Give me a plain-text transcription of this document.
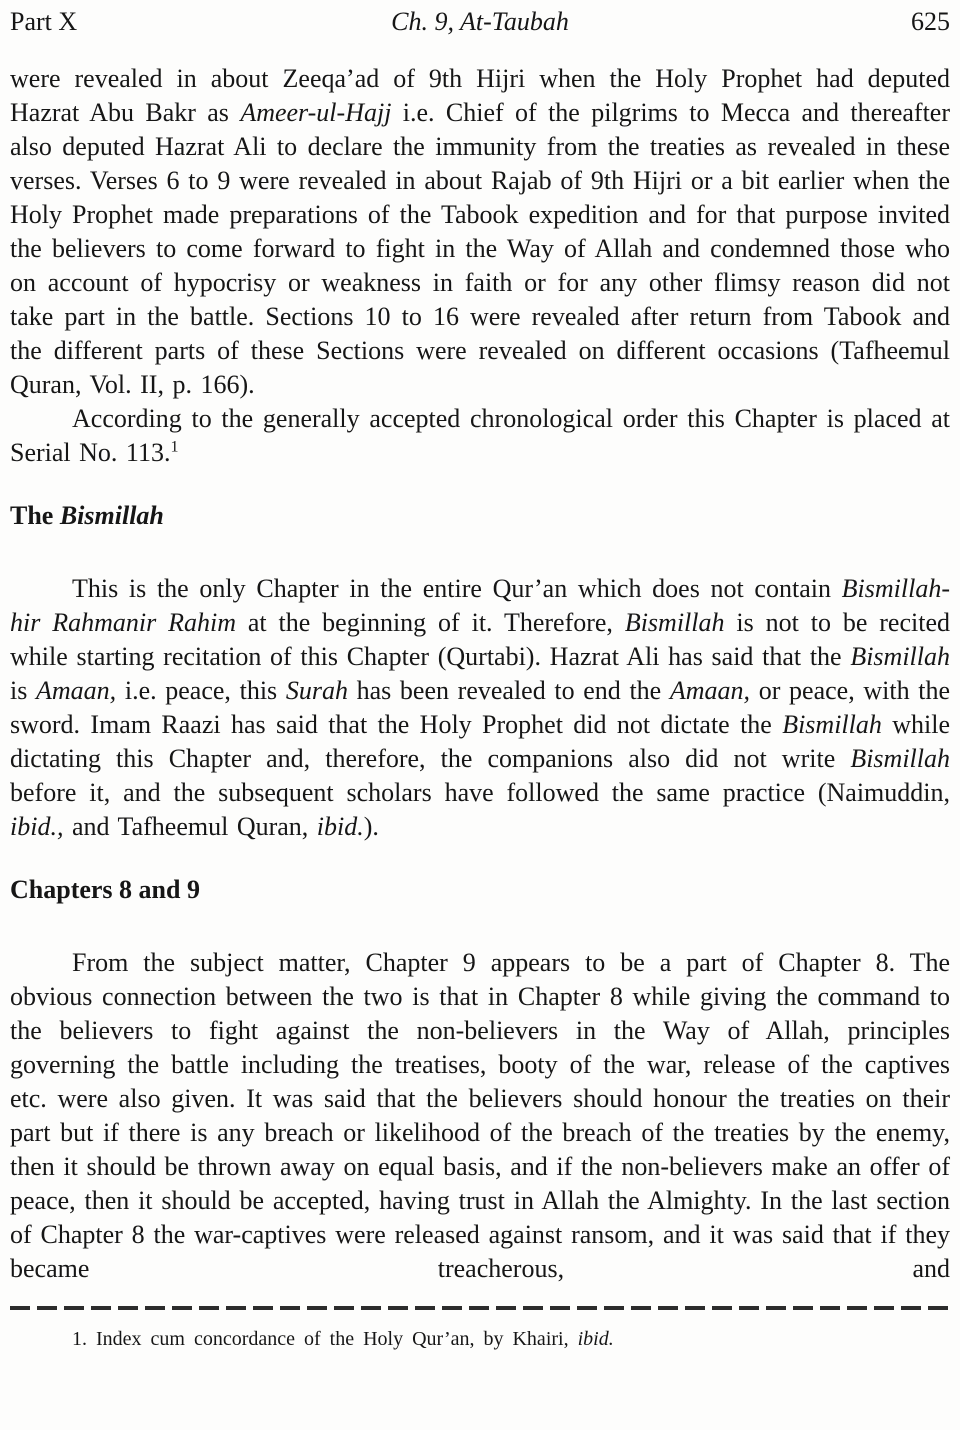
Part X	Ch. 9, At-Taubah	625

were revealed in about Zeeqa’ad of 9th Hijri when the Holy Prophet had deputed Hazrat Abu Bakr as Ameer-ul-Hajj i.e. Chief of the pilgrims to Mecca and thereafter also deputed Hazrat Ali to declare the immunity from the treaties as revealed in these verses. Verses 6 to 9 were revealed in about Rajab of 9th Hijri or a bit earlier when the Holy Prophet made preparations of the Tabook expedition and for that purpose invited the believers to come forward to fight in the Way of Allah and condemned those who on account of hypocrisy or weakness in faith or for any other flimsy reason did not take part in the battle. Sections 10 to 16 were revealed after return from Tabook and the different parts of these Sections were revealed on different occasions (Tafheemul Quran, Vol. II, p. 166).

According to the generally accepted chronological order this Chapter is placed at Serial No. 113.$^1$

The Bismillah

This is the only Chapter in the entire Qur’an which does not contain Bismillah-hir Rahmanir Rahim at the beginning of it. Therefore, Bismillah is not to be recited while starting recitation of this Chapter (Qurtabi). Hazrat Ali has said that the Bismillah is Amaan, i.e. peace, this Surah has been revealed to end the Amaan, or peace, with the sword. Imam Raazi has said that the Holy Prophet did not dictate the Bismillah while dictating this Chapter and, therefore, the companions also did not write Bismillah before it, and the subsequent scholars have followed the same practice (Naimuddin, ibid., and Tafheemul Quran, ibid.).

Chapters 8 and 9

From the subject matter, Chapter 9 appears to be a part of Chapter 8. The obvious connection between the two is that in Chapter 8 while giving the command to the believers to fight against the non-believers in the Way of Allah, principles governing the battle including the treatises, booty of the war, release of the captives etc. were also given. It was said that the believers should honour the treaties on their part but if there is any breach or likelihood of the breach of the treaties by the enemy, then it should be thrown away on equal basis, and if the non-believers make an offer of peace, then it should be accepted, having trust in Allah the Almighty. In the last section of Chapter 8 the war-captives were released against ransom, and it was said that if they became treacherous, and

1. Index cum concordance of the Holy Qur’an, by Khairi, ibid.
